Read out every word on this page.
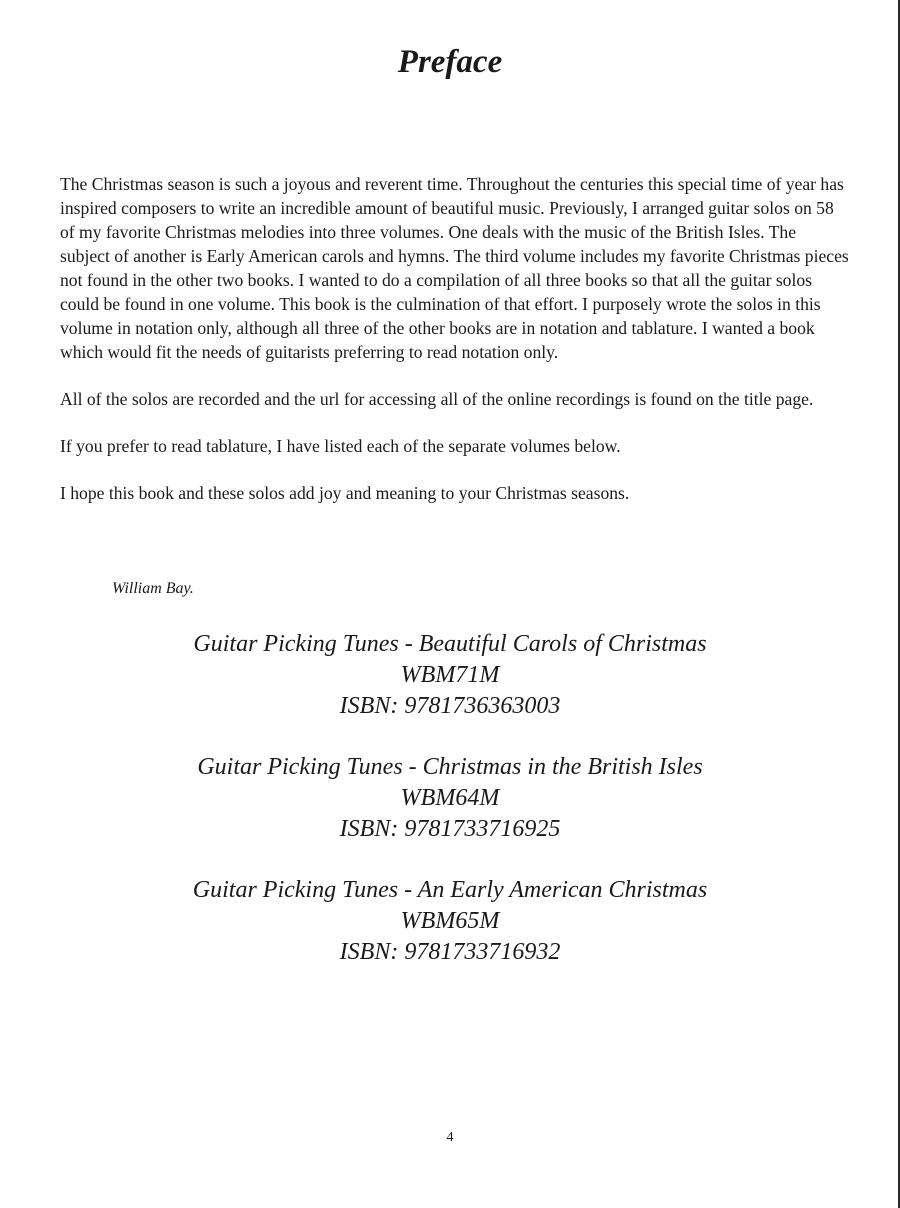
Preface

The Christmas season is such a joyous and reverent time. Throughout the centuries this special time of year has inspired composers to write an incredible amount of beautiful music. Previously, I arranged guitar solos on 58 of my favorite Christmas melodies into three volumes. One deals with the music of the British Isles. The subject of another is Early American carols and hymns. The third volume includes my favorite Christmas pieces not found in the other two books. I wanted to do a compilation of all three books so that all the guitar solos could be found in one volume. This book is the culmination of that effort. I purposely wrote the solos in this volume in notation only, although all three of the other books are in notation and tablature. I wanted a book which would fit the needs of guitarists preferring to read notation only.

All of the solos are recorded and the url for accessing all of the online recordings is found on the title page.

If you prefer to read tablature, I have listed each of the separate volumes below.

I hope this book and these solos add joy and meaning to your Christmas seasons.

William Bay.

Guitar Picking Tunes - Beautiful Carols of Christmas
WBM71M
ISBN: 9781736363003
Guitar Picking Tunes - Christmas in the British Isles
WBM64M
ISBN: 9781733716925
Guitar Picking Tunes - An Early American Christmas
WBM65M
ISBN: 9781733716932

4
